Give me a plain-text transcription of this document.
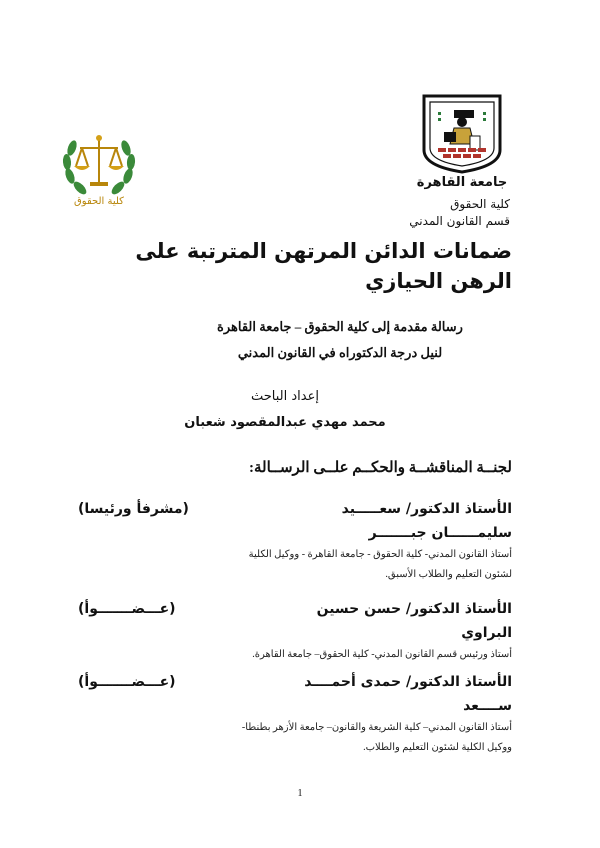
جامعة القاهرة
كلية الحقوق	كلية الحقوق
قسم القانون المدني
ضمانات الدائن المرتهن المترتبة على
الرهن الحيازي
رسالة مقدمة إلى كلية الحقوق – جامعة القاهرة
لنيل درجة الدكتوراه في القانون المدني
إعداد الباحث
محمد مهدي عبدالمقصود شعبان
لجنــة المناقشــة والحكــم علــى الرســالة:
الأستاذ الدكتور/ سعـــــيد
(مشرفأ ورئيسا)
سليمــــــان جبـــــــر
أستاذ القانون المدني- كلية الحقوق - جامعة القاهرة - ووكيل الكلية
لشئون التعليم والطلاب الأسبق.
الأستاذ الدكتور/ حسن حسين
(عـــضـــــــوأ)
البراوي
أستاذ ورئيس قسم القانون المدني- كلية الحقوق– جامعة القاهرة.
الأستاذ الدكتور/ حمدى أحمــــد
(عـــضـــــــوأ)
ســــعد
أستاذ القانون المدني– كلية الشريعة والقانون– جامعة الأزهر بطنطا-
ووكيل الكلية لشئون التعليم والطلاب.
1
